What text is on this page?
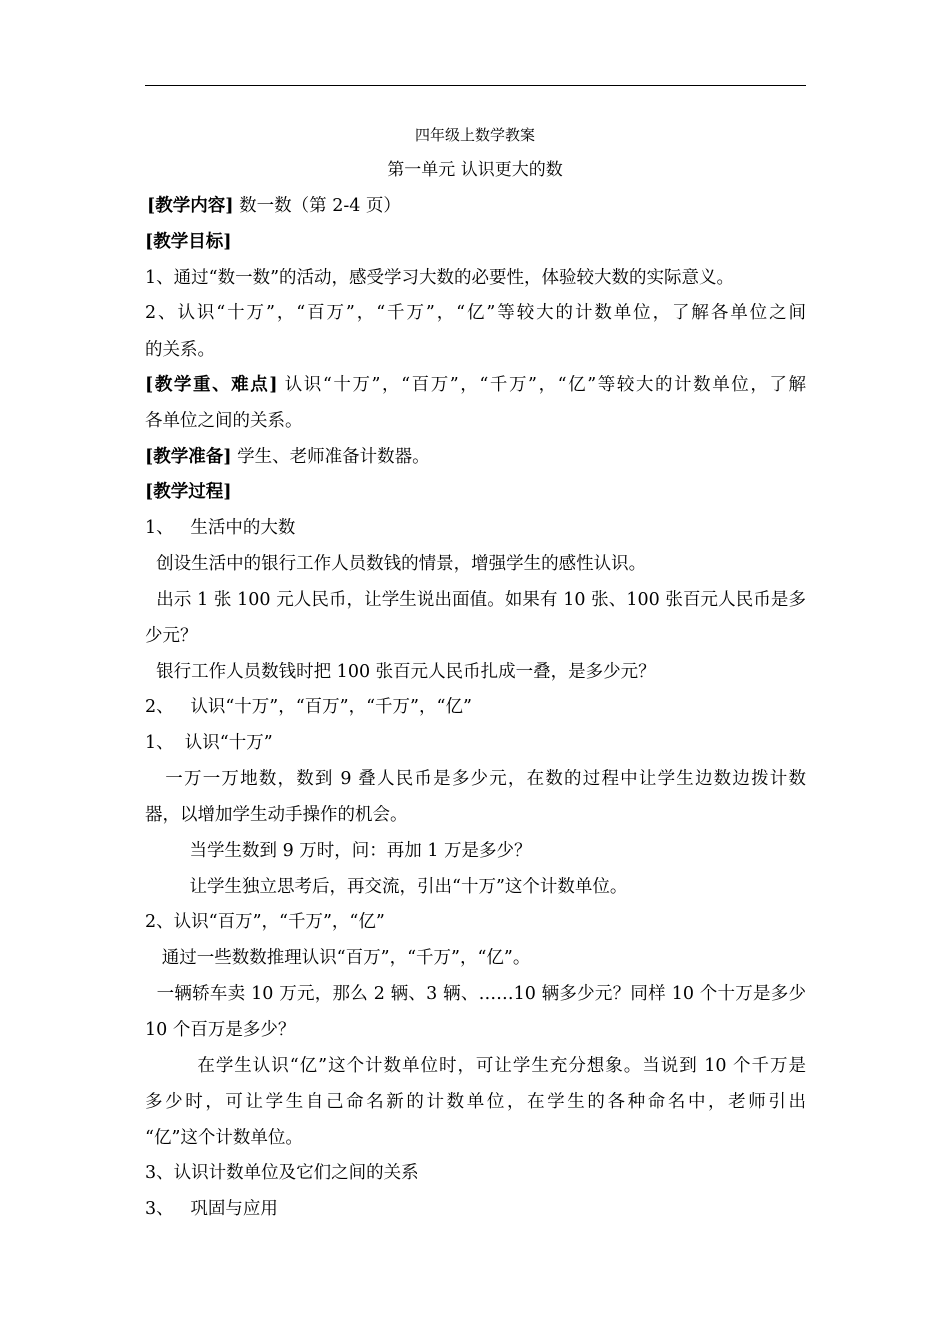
四年级上数学教案
第一单元 认识更大的数
[教学内容] 数一数（第 2-4 页）
[教学目标]
1、通过“数一数”的活动，感受学习大数的必要性，体验较大数的实际意义。
2、认识“十万”，“百万”，“千万”，“亿”等较大的计数单位，了解各单位之间
的关系。
[教学重、难点] 认识“十万”，“百万”，“千万”，“亿”等较大的计数单位，了解
各单位之间的关系。
[教学准备] 学生、老师准备计数器。
[教学过程]
1、   生活中的大数
创设生活中的银行工作人员数钱的情景，增强学生的感性认识。
出示 1 张 100 元人民币，让学生说出面值。如果有 10 张、100 张百元人民币是多
少元？
银行工作人员数钱时把 100 张百元人民币扎成一叠，是多少元？
2、   认识“十万”，“百万”，“千万”，“亿”
1、  认识“十万”
一万一万地数，数到 9 叠人民币是多少元，在数的过程中让学生边数边拨计数
器，以增加学生动手操作的机会。
当学生数到 9 万时，问：再加 1 万是多少？
让学生独立思考后，再交流，引出“十万”这个计数单位。
2、认识“百万”，“千万”，“亿”
通过一些数数推理认识“百万”，“千万”，“亿”。
一辆轿车卖 10 万元，那么 2 辆、3 辆、……10 辆多少元？同样 10 个十万是多少
10 个百万是多少？
在学生认识“亿”这个计数单位时，可让学生充分想象。当说到 10 个千万是
多少时，可让学生自己命名新的计数单位，在学生的各种命名中，老师引出
“亿”这个计数单位。
3、认识计数单位及它们之间的关系
3、   巩固与应用
